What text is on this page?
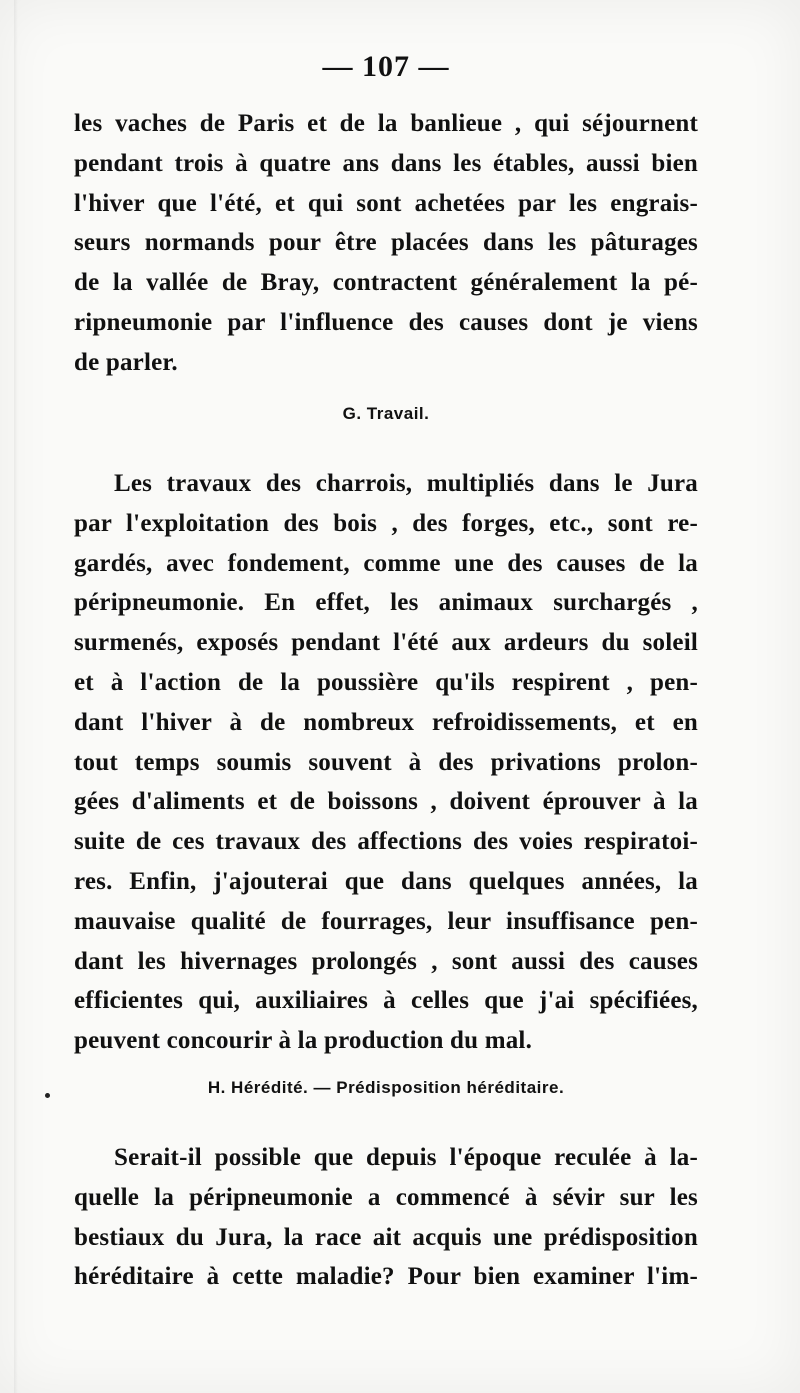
— 107 —
les vaches de Paris et de la banlieue , qui séjournent
pendant trois à quatre ans dans les étables, aussi bien
l'hiver que l'été, et qui sont achetées par les engrais-
seurs normands pour être placées dans les pâturages
de la vallée de Bray, contractent généralement la pé-
ripneumonie par l'influence des causes dont je viens
de parler.
G. Travail.
Les travaux des charrois, multipliés dans le Jura
par l'exploitation des bois , des forges, etc., sont re-
gardés, avec fondement, comme une des causes de la
péripneumonie. En effet, les animaux surchargés ,
surmenés, exposés pendant l'été aux ardeurs du soleil
et à l'action de la poussière qu'ils respirent , pen-
dant l'hiver à de nombreux refroidissements, et en
tout temps soumis souvent à des privations prolon-
gées d'aliments et de boissons , doivent éprouver à la
suite de ces travaux des affections des voies respiratoi-
res. Enfin, j'ajouterai que dans quelques années, la
mauvaise qualité de fourrages, leur insuffisance pen-
dant les hivernages prolongés , sont aussi des causes
efficientes qui, auxiliaires à celles que j'ai spécifiées,
peuvent concourir à la production du mal.
H. Hérédité. — Prédisposition héréditaire.
Serait-il possible que depuis l'époque reculée à la-
quelle la péripneumonie a commencé à sévir sur les
bestiaux du Jura, la race ait acquis une prédisposition
héréditaire à cette maladie? Pour bien examiner l'im-
